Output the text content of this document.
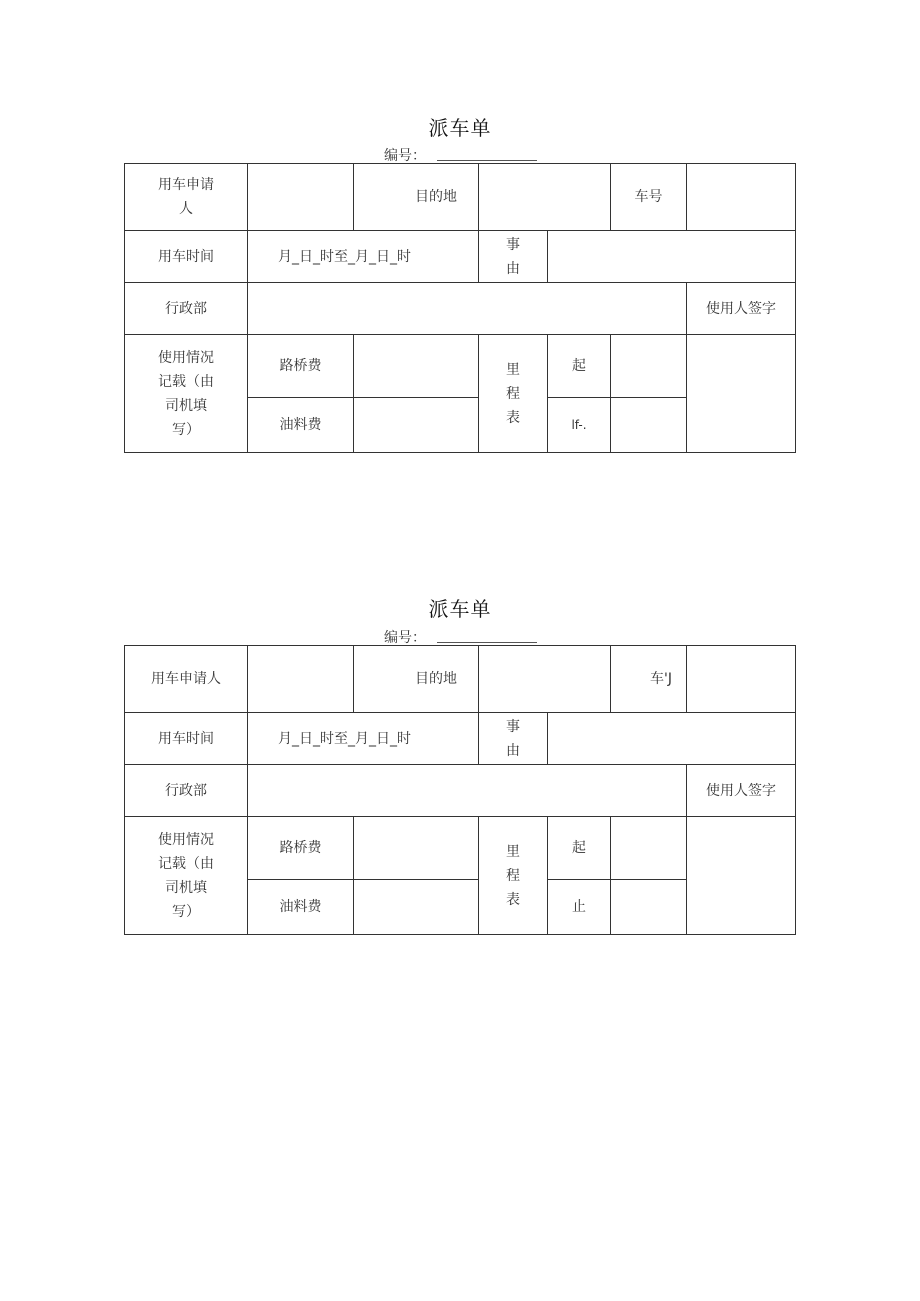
派车单
编号：
用车申请人		目的地			车号	
用车时间	月_日_时至_月_日_时		事由			
行政部						使用人签字
使用情况记载（由司机填写）	路桥费		里程表	起		
	油料费			lf-.		
派车单
编号：
用车申请人		目的地			车'J	
用车时间	月_日_时至_月_日_时		事由			
行政部						使用人签字
使用情况记载（由司机填写）	路桥费		里程表	起		
	油料费			止		
